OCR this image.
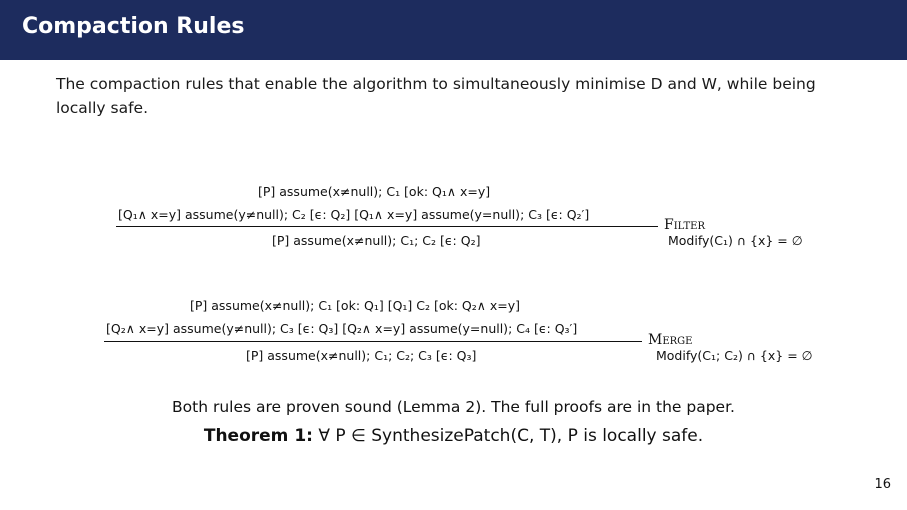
Compaction Rules
The compaction rules that enable the algorithm to simultaneously minimise D and W, while being locally safe.
[P] assume(x≠null); C₁ [ok: Q₁∧ x=y]
[Q₁∧ x=y] assume(y≠null); C₂ [ϵ: Q₂] [Q₁∧ x=y] assume(y=null); C₃ [ϵ: Q₂′]
Filter
[P] assume(x≠null); C₁; C₂ [ϵ: Q₂]	Modify(C₁) ∩ {x} = ∅
[P] assume(x≠null); C₁ [ok: Q₁] [Q₁] C₂ [ok: Q₂∧ x=y]
[Q₂∧ x=y] assume(y≠null); C₃ [ϵ: Q₃] [Q₂∧ x=y] assume(y=null); C₄ [ϵ: Q₃′]
Merge
[P] assume(x≠null); C₁; C₂; C₃ [ϵ: Q₃]	Modify(C₁; C₂) ∩ {x} = ∅
Both rules are proven sound (Lemma 2). The full proofs are in the paper.
Theorem 1: ∀ P ∈ SynthesizePatch(C, T), P is locally safe.
16
